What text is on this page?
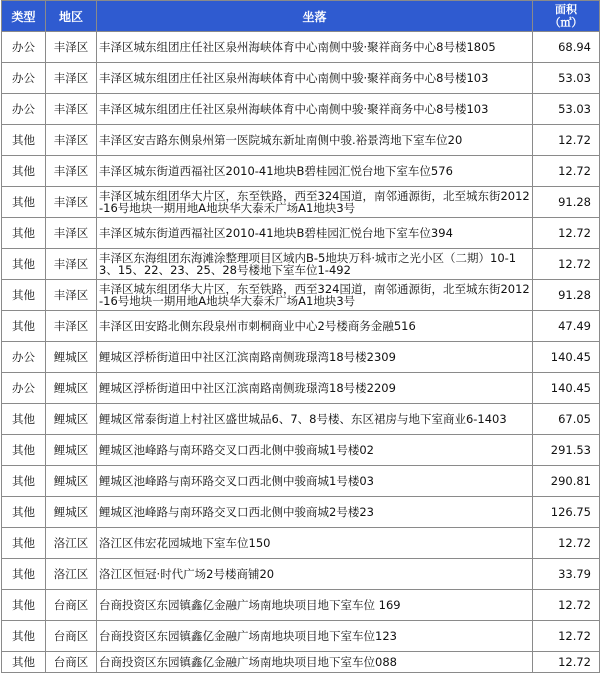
类型	地区	坐落	面积
（㎡）
办公	丰泽区	丰泽区城东组团庄任社区泉州海峡体育中心南侧中骏·聚祥商务中心8号楼1805	68.94
办公	丰泽区	丰泽区城东组团庄任社区泉州海峡体育中心南侧中骏·聚祥商务中心8号楼103	53.03
办公	丰泽区	丰泽区城东组团庄任社区泉州海峡体育中心南侧中骏·聚祥商务中心8号楼103	53.03
其他	丰泽区	丰泽区安吉路东侧泉州第一医院城东新址南侧中骏.裕景湾地下室车位20	12.72
其他	丰泽区	丰泽区城东街道西福社区2010-41地块B碧桂园汇悦台地下室车位576	12.72
其他	丰泽区	丰泽区城东组团华大片区，东至铁路，西至324国道，南邻通源街，北至城东街2012-16号地块一期用地A地块华大泰禾广场A1地块3号	91.28
其他	丰泽区	丰泽区城东街道西福社区2010-41地块B碧桂园汇悦台地下室车位394	12.72
其他	丰泽区	丰泽区东海组团东海滩涂整理项目区域内B-5地块万科·城市之光小区（二期）10-13、15、22、23、25、28号楼地下室车位1-492	12.72
其他	丰泽区	丰泽区城东组团华大片区，东至铁路，西至324国道，南邻通源街，北至城东街2012-16号地块一期用地A地块华大泰禾广场A1地块3号	91.28
其他	丰泽区	丰泽区田安路北侧东段泉州市刺桐商业中心2号楼商务金融516	47.49
办公	鲤城区	鲤城区浮桥街道田中社区江滨南路南侧珑璟湾18号楼2309	140.45
办公	鲤城区	鲤城区浮桥街道田中社区江滨南路南侧珑璟湾18号楼2209	140.45
其他	鲤城区	鲤城区常泰街道上村社区盛世城品6、7、8号楼、东区裙房与地下室商业6-1403	67.05
其他	鲤城区	鲤城区池峰路与南环路交叉口西北侧中骏商城1号楼02	291.53
其他	鲤城区	鲤城区池峰路与南环路交叉口西北侧中骏商城1号楼03	290.81
其他	鲤城区	鲤城区池峰路与南环路交叉口西北侧中骏商城2号楼23	126.75
其他	洛江区	洛江区伟宏花园城地下室车位150	12.72
其他	洛江区	洛江区恒冠·时代广场2号楼商铺20	33.79
其他	台商区	台商投资区东园镇鑫亿金融广场南地块项目地下室车位 169	12.72
其他	台商区	台商投资区东园镇鑫亿金融广场南地块项目地下室车位123	12.72
其他	台商区	台商投资区东园镇鑫亿金融广场南地块项目地下室车位088	12.72
